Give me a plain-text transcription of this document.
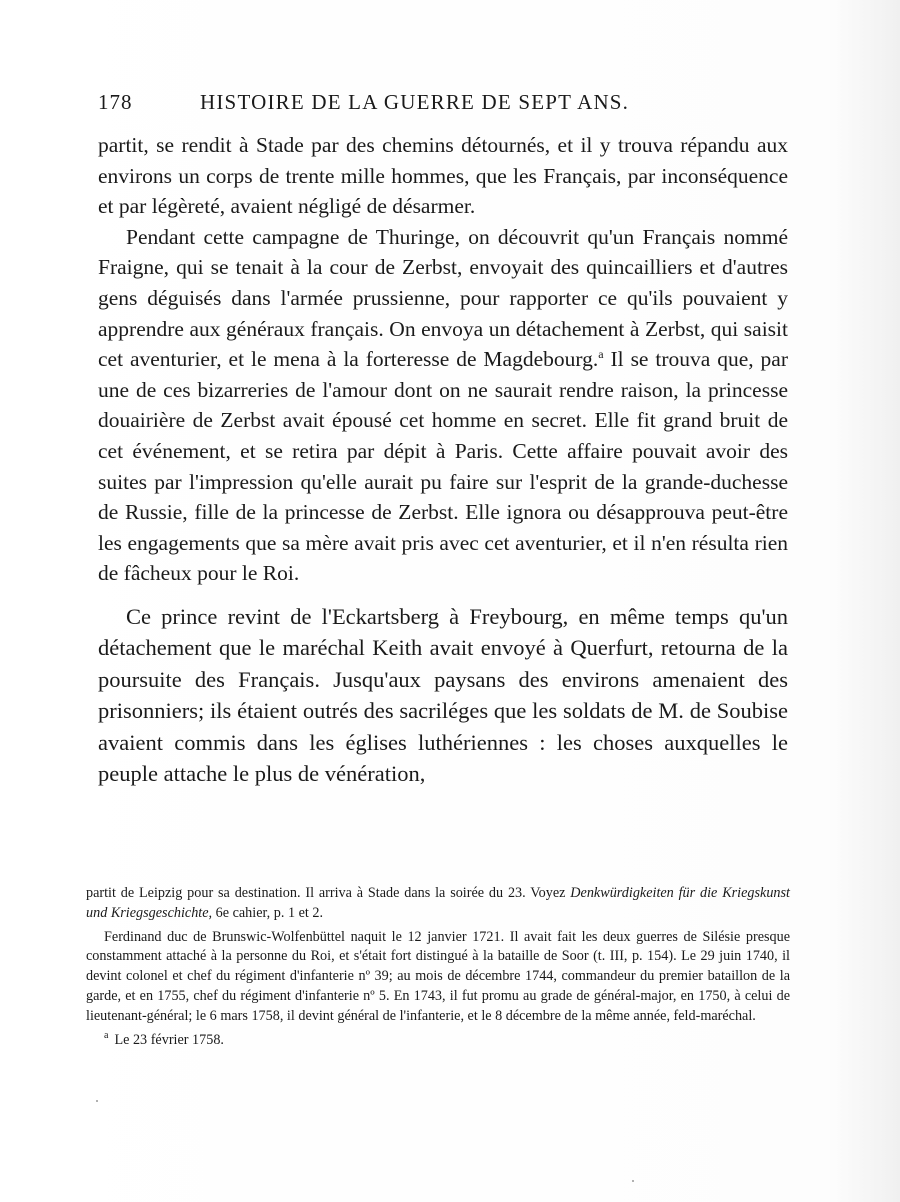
178	HISTOIRE DE LA GUERRE DE SEPT ANS.

partit, se rendit à Stade par des chemins détournés, et il y trouva répandu aux environs un corps de trente mille hommes, que les Français, par inconséquence et par légèreté, avaient négligé de désarmer.

Pendant cette campagne de Thuringe, on découvrit qu'un Français nommé Fraigne, qui se tenait à la cour de Zerbst, envoyait des quincailliers et d'autres gens déguisés dans l'armée prussienne, pour rapporter ce qu'ils pouvaient y apprendre aux généraux français. On envoya un détachement à Zerbst, qui saisit cet aventurier, et le mena à la forteresse de Magdebourg.$^a$ Il se trouva que, par une de ces bizarreries de l'amour dont on ne saurait rendre raison, la princesse douairière de Zerbst avait épousé cet homme en secret. Elle fit grand bruit de cet événement, et se retira par dépit à Paris. Cette affaire pouvait avoir des suites par l'impression qu'elle aurait pu faire sur l'esprit de la grande-duchesse de Russie, fille de la princesse de Zerbst. Elle ignora ou désapprouva peut-être les engagements que sa mère avait pris avec cet aventurier, et il n'en résulta rien de fâcheux pour le Roi.

Ce prince revint de l'Eckartsberg à Freybourg, en même temps qu'un détachement que le maréchal Keith avait envoyé à Querfurt, retourna de la poursuite des Français. Jusqu'aux paysans des environs amenaient des prisonniers; ils étaient outrés des sacriléges que les soldats de M. de Soubise avaient commis dans les églises luthériennes : les choses auxquelles le peuple attache le plus de vénération,

partit de Leipzig pour sa destination. Il arriva à Stade dans la soirée du 23. Voyez Denkwürdigkeiten für die Kriegskunst und Kriegsgeschichte, 6e cahier, p. 1 et 2.

Ferdinand duc de Brunswic-Wolfenbüttel naquit le 12 janvier 1721. Il avait fait les deux guerres de Silésie presque constamment attaché à la personne du Roi, et s'était fort distingué à la bataille de Soor (t. III, p. 154). Le 29 juin 1740, il devint colonel et chef du régiment d'infanterie nº 39; au mois de décembre 1744, commandeur du premier bataillon de la garde, et en 1755, chef du régiment d'infanterie nº 5. En 1743, il fut promu au grade de général-major, en 1750, à celui de lieutenant-général; le 6 mars 1758, il devint général de l'infanterie, et le 8 décembre de la même année, feld-maréchal.

$^a$ Le 23 février 1758.
